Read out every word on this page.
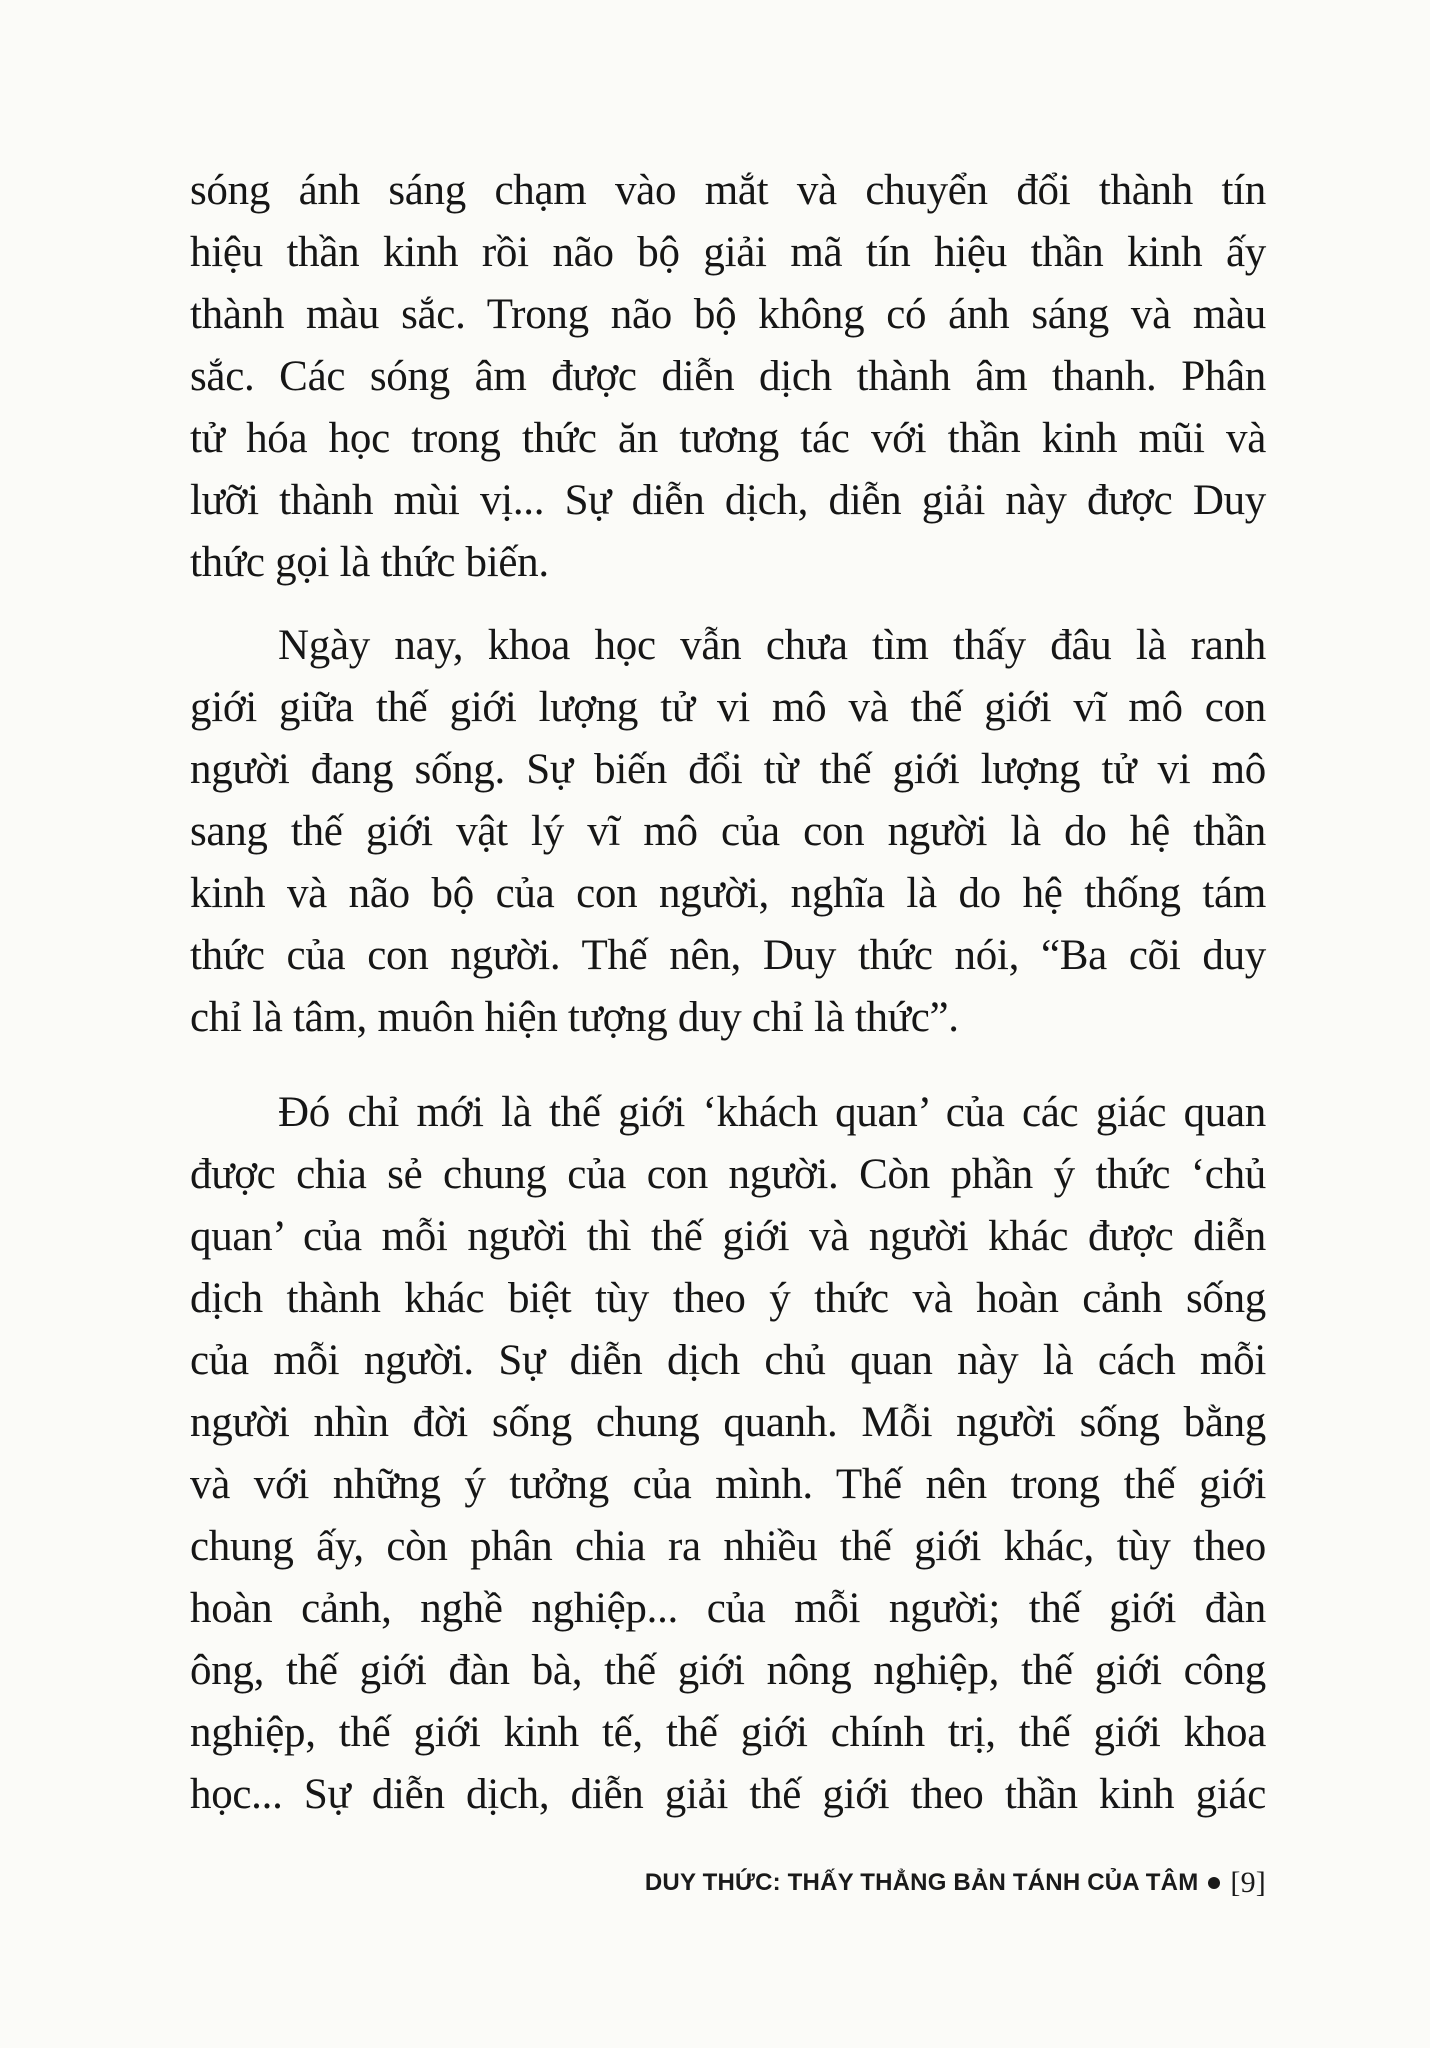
sóng ánh sáng chạm vào mắt và chuyển đổi thành tín
hiệu thần kinh rồi não bộ giải mã tín hiệu thần kinh ấy
thành màu sắc. Trong não bộ không có ánh sáng và màu
sắc. Các sóng âm được diễn dịch thành âm thanh. Phân
tử hóa học trong thức ăn tương tác với thần kinh mũi và
lưỡi thành mùi vị... Sự diễn dịch, diễn giải này được Duy
thức gọi là thức biến.
Ngày nay, khoa học vẫn chưa tìm thấy đâu là ranh
giới giữa thế giới lượng tử vi mô và thế giới vĩ mô con
người đang sống. Sự biến đổi từ thế giới lượng tử vi mô
sang thế giới vật lý vĩ mô của con người là do hệ thần
kinh và não bộ của con người, nghĩa là do hệ thống tám
thức của con người. Thế nên, Duy thức nói, “Ba cõi duy
chỉ là tâm, muôn hiện tượng duy chỉ là thức”.
Đó chỉ mới là thế giới ‘khách quan’ của các giác quan
được chia sẻ chung của con người. Còn phần ý thức ‘chủ
quan’ của mỗi người thì thế giới và người khác được diễn
dịch thành khác biệt tùy theo ý thức và hoàn cảnh sống
của mỗi người. Sự diễn dịch chủ quan này là cách mỗi
người nhìn đời sống chung quanh. Mỗi người sống bằng
và với những ý tưởng của mình. Thế nên trong thế giới
chung ấy, còn phân chia ra nhiều thế giới khác, tùy theo
hoàn cảnh, nghề nghiệp... của mỗi người; thế giới đàn
ông, thế giới đàn bà, thế giới nông nghiệp, thế giới công
nghiệp, thế giới kinh tế, thế giới chính trị, thế giới khoa
học... Sự diễn dịch, diễn giải thế giới theo thần kinh giác
DUY THỨC: THẤY THẲNG BẢN TÁNH CỦA TÂM [9]
